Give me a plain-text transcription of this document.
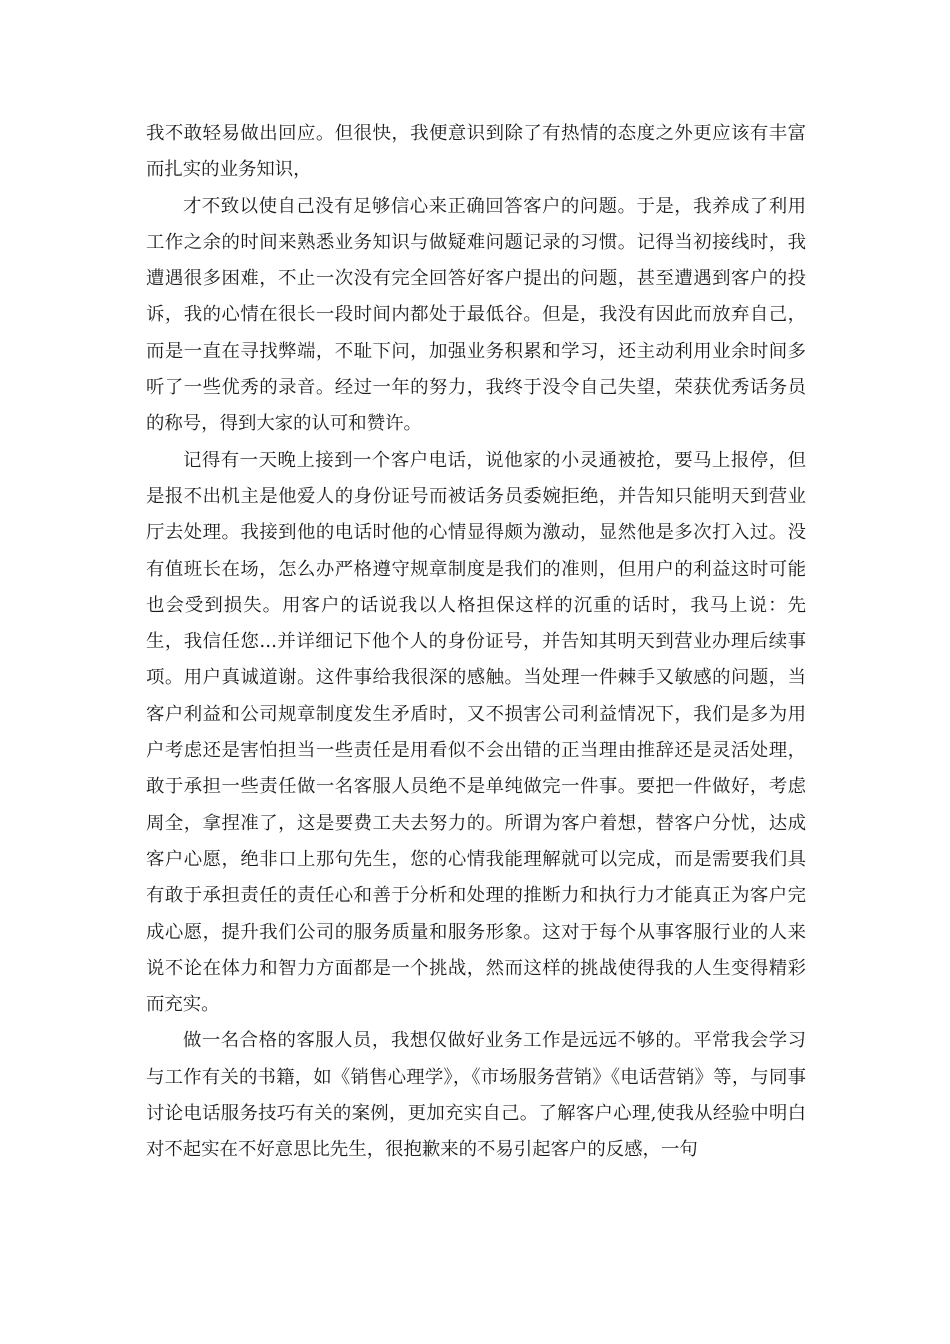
我不敢轻易做出回应。但很快，我便意识到除了有热情的态度之外更应该有丰富而扎实的业务知识，

才不致以使自己没有足够信心来正确回答客户的问题。于是，我养成了利用工作之余的时间来熟悉业务知识与做疑难问题记录的习惯。记得当初接线时，我遭遇很多困难，不止一次没有完全回答好客户提出的问题，甚至遭遇到客户的投诉，我的心情在很长一段时间内都处于最低谷。但是，我没有因此而放弃自己，而是一直在寻找弊端，不耻下问，加强业务积累和学习，还主动利用业余时间多听了一些优秀的录音。经过一年的努力，我终于没令自己失望，荣获优秀话务员的称号，得到大家的认可和赞许。

记得有一天晚上接到一个客户电话，说他家的小灵通被抢，要马上报停，但是报不出机主是他爱人的身份证号而被话务员委婉拒绝，并告知只能明天到营业厅去处理。我接到他的电话时他的心情显得颇为激动，显然他是多次打入过。没有值班长在场，怎么办严格遵守规章制度是我们的准则，但用户的利益这时可能也会受到损失。用客户的话说我以人格担保这样的沉重的话时，我马上说：先生，我信任您...并详细记下他个人的身份证号，并告知其明天到营业办理后续事项。用户真诚道谢。这件事给我很深的感触。当处理一件棘手又敏感的问题，当客户利益和公司规章制度发生矛盾时，又不损害公司利益情况下，我们是多为用户考虑还是害怕担当一些责任是用看似不会出错的正当理由推辞还是灵活处理，敢于承担一些责任做一名客服人员绝不是单纯做完一件事。要把一件做好，考虑周全，拿捏准了，这是要费工夫去努力的。所谓为客户着想，替客户分忧，达成客户心愿，绝非口上那句先生，您的心情我能理解就可以完成，而是需要我们具有敢于承担责任的责任心和善于分析和处理的推断力和执行力才能真正为客户完成心愿，提升我们公司的服务质量和服务形象。这对于每个从事客服行业的人来说不论在体力和智力方面都是一个挑战，然而这样的挑战使得我的人生变得精彩而充实。

做一名合格的客服人员，我想仅做好业务工作是远远不够的。平常我会学习与工作有关的书籍，如《销售心理学》，《市场服务营销》《电话营销》等，与同事讨论电话服务技巧有关的案例，更加充实自己。了解客户心理,使我从经验中明白对不起实在不好意思比先生，很抱歉来的不易引起客户的反感，一句
